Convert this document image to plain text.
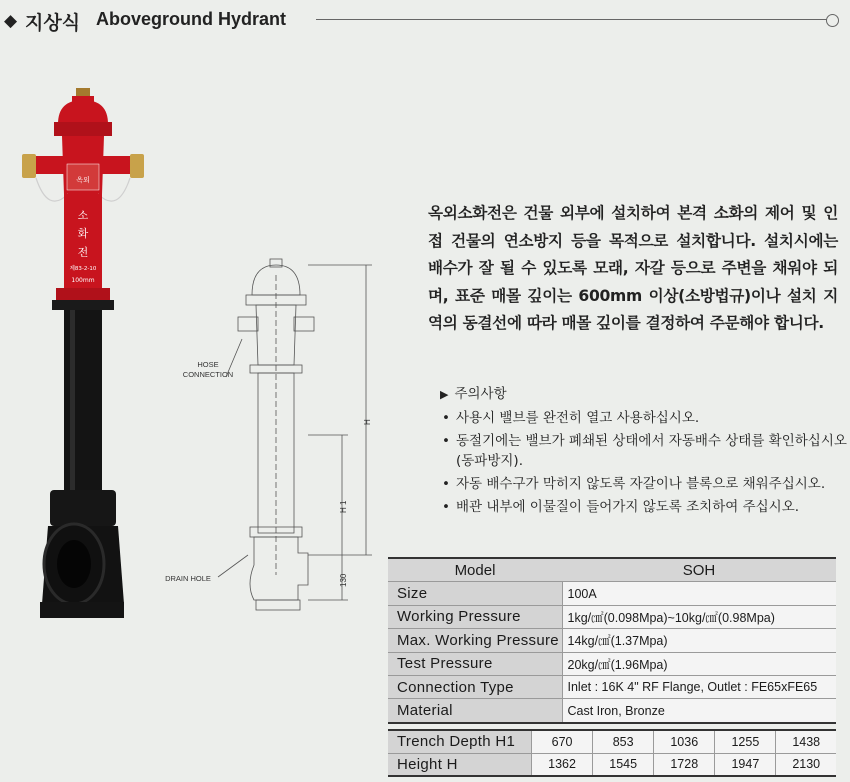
◆ 지상식 Aboveground Hydrant
옥외
소
화
전
제83-2-10
100mm
HOSE
CONNECTION
DRAIN HOLE
H
H 1
130
옥외소화전은 건물 외부에 설치하여 본격 소화의 제어 및 인접 건물의 연소방지 등을 목적으로 설치합니다. 설치시에는 배수가 잘 될 수 있도록 모래, 자갈 등으로 주변을 채워야 되며, 표준 매몰 깊이는 600mm 이상(소방법규)이나 설치 지역의 동결선에 따라 매몰 깊이를 결정하여 주문해야 합니다.
▶ 주의사항
• 사용시 밸브를 완전히 열고 사용하십시오.
• 동절기에는 밸브가 폐쇄된 상태에서 자동배수 상태를 확인하십시오 (동파방지).
• 자동 배수구가 막히지 않도록 자갈이나 블록으로 채워주십시오.
• 배관 내부에 이물질이 들어가지 않도록 조치하여 주십시오.
Model	SOH
Size	100A
Working Pressure	1kg/㎠(0.098Mpa)~10kg/㎠(0.98Mpa)
Max. Working Pressure	14kg/㎠(1.37Mpa)
Test Pressure	20kg/㎠(1.96Mpa)
Connection Type	Inlet : 16K 4" RF Flange, Outlet : FE65xFE65
Material	Cast Iron, Bronze
Trench Depth H1	670	853	1036	1255	1438
Height H	1362	1545	1728	1947	2130
